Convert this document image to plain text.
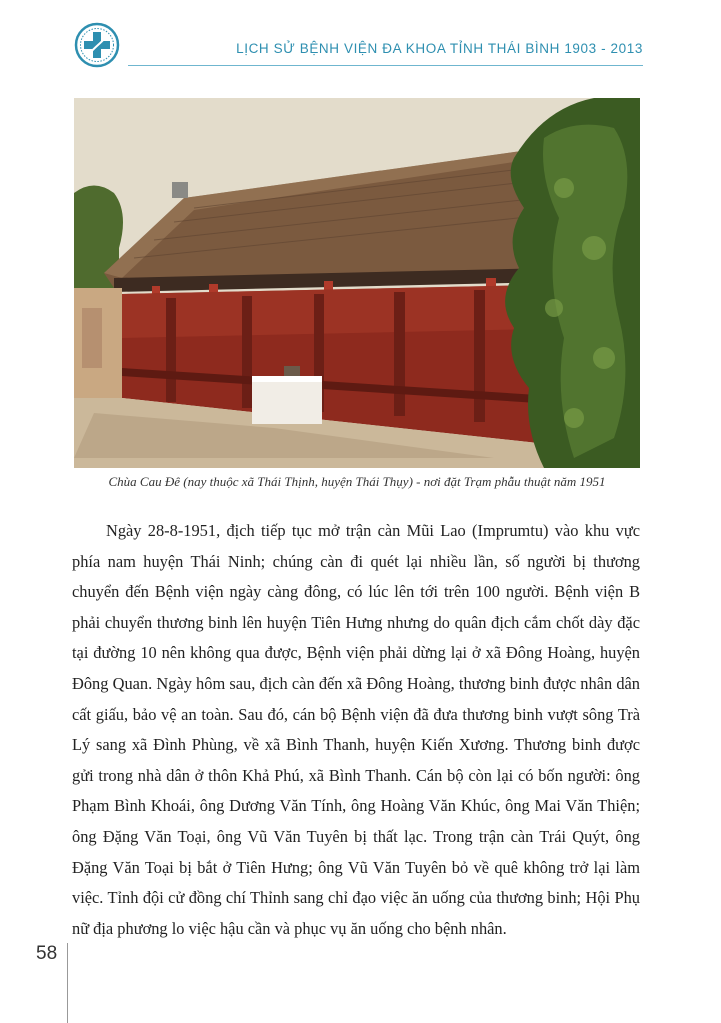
LỊCH SỬ BỆNH VIỆN ĐA KHOA TỈNH THÁI BÌNH 1903 - 2013
Chùa Cau Đê (nay thuộc xã Thái Thịnh, huyện Thái Thụy) - nơi đặt Trạm phẫu thuật năm 1951

Ngày 28-8-1951, địch tiếp tục mở trận càn Mũi Lao (Imprumtu) vào khu vực phía nam huyện Thái Ninh; chúng càn đi quét lại nhiều lần, số người bị thương chuyển đến Bệnh viện ngày càng đông, có lúc lên tới trên 100 người. Bệnh viện B phải chuyển thương binh lên huyện Tiên Hưng nhưng do quân địch cắm chốt dày đặc tại đường 10 nên không qua được, Bệnh viện phải dừng lại ở xã Đông Hoàng, huyện Đông Quan. Ngày hôm sau, địch càn đến xã Đông Hoàng, thương binh được nhân dân cất giấu, bảo vệ an toàn. Sau đó, cán bộ Bệnh viện đã đưa thương binh vượt sông Trà Lý sang xã Đình Phùng, về xã Bình Thanh, huyện Kiến Xương. Thương binh được gửi trong nhà dân ở thôn Khả Phú, xã Bình Thanh. Cán bộ còn lại có bốn người: ông Phạm Bình Khoái, ông Dương Văn Tính, ông Hoàng Văn Khúc, ông Mai Văn Thiện; ông Đặng Văn Toại, ông Vũ Văn Tuyên bị thất lạc. Trong trận càn Trái Quýt, ông Đặng Văn Toại bị bắt ở Tiên Hưng; ông Vũ Văn Tuyên bỏ về quê không trở lại làm việc. Tỉnh đội cử đồng chí Thỉnh sang chỉ đạo việc ăn uống của thương binh; Hội Phụ nữ địa phương lo việc hậu cần và phục vụ ăn uống cho bệnh nhân.

58
